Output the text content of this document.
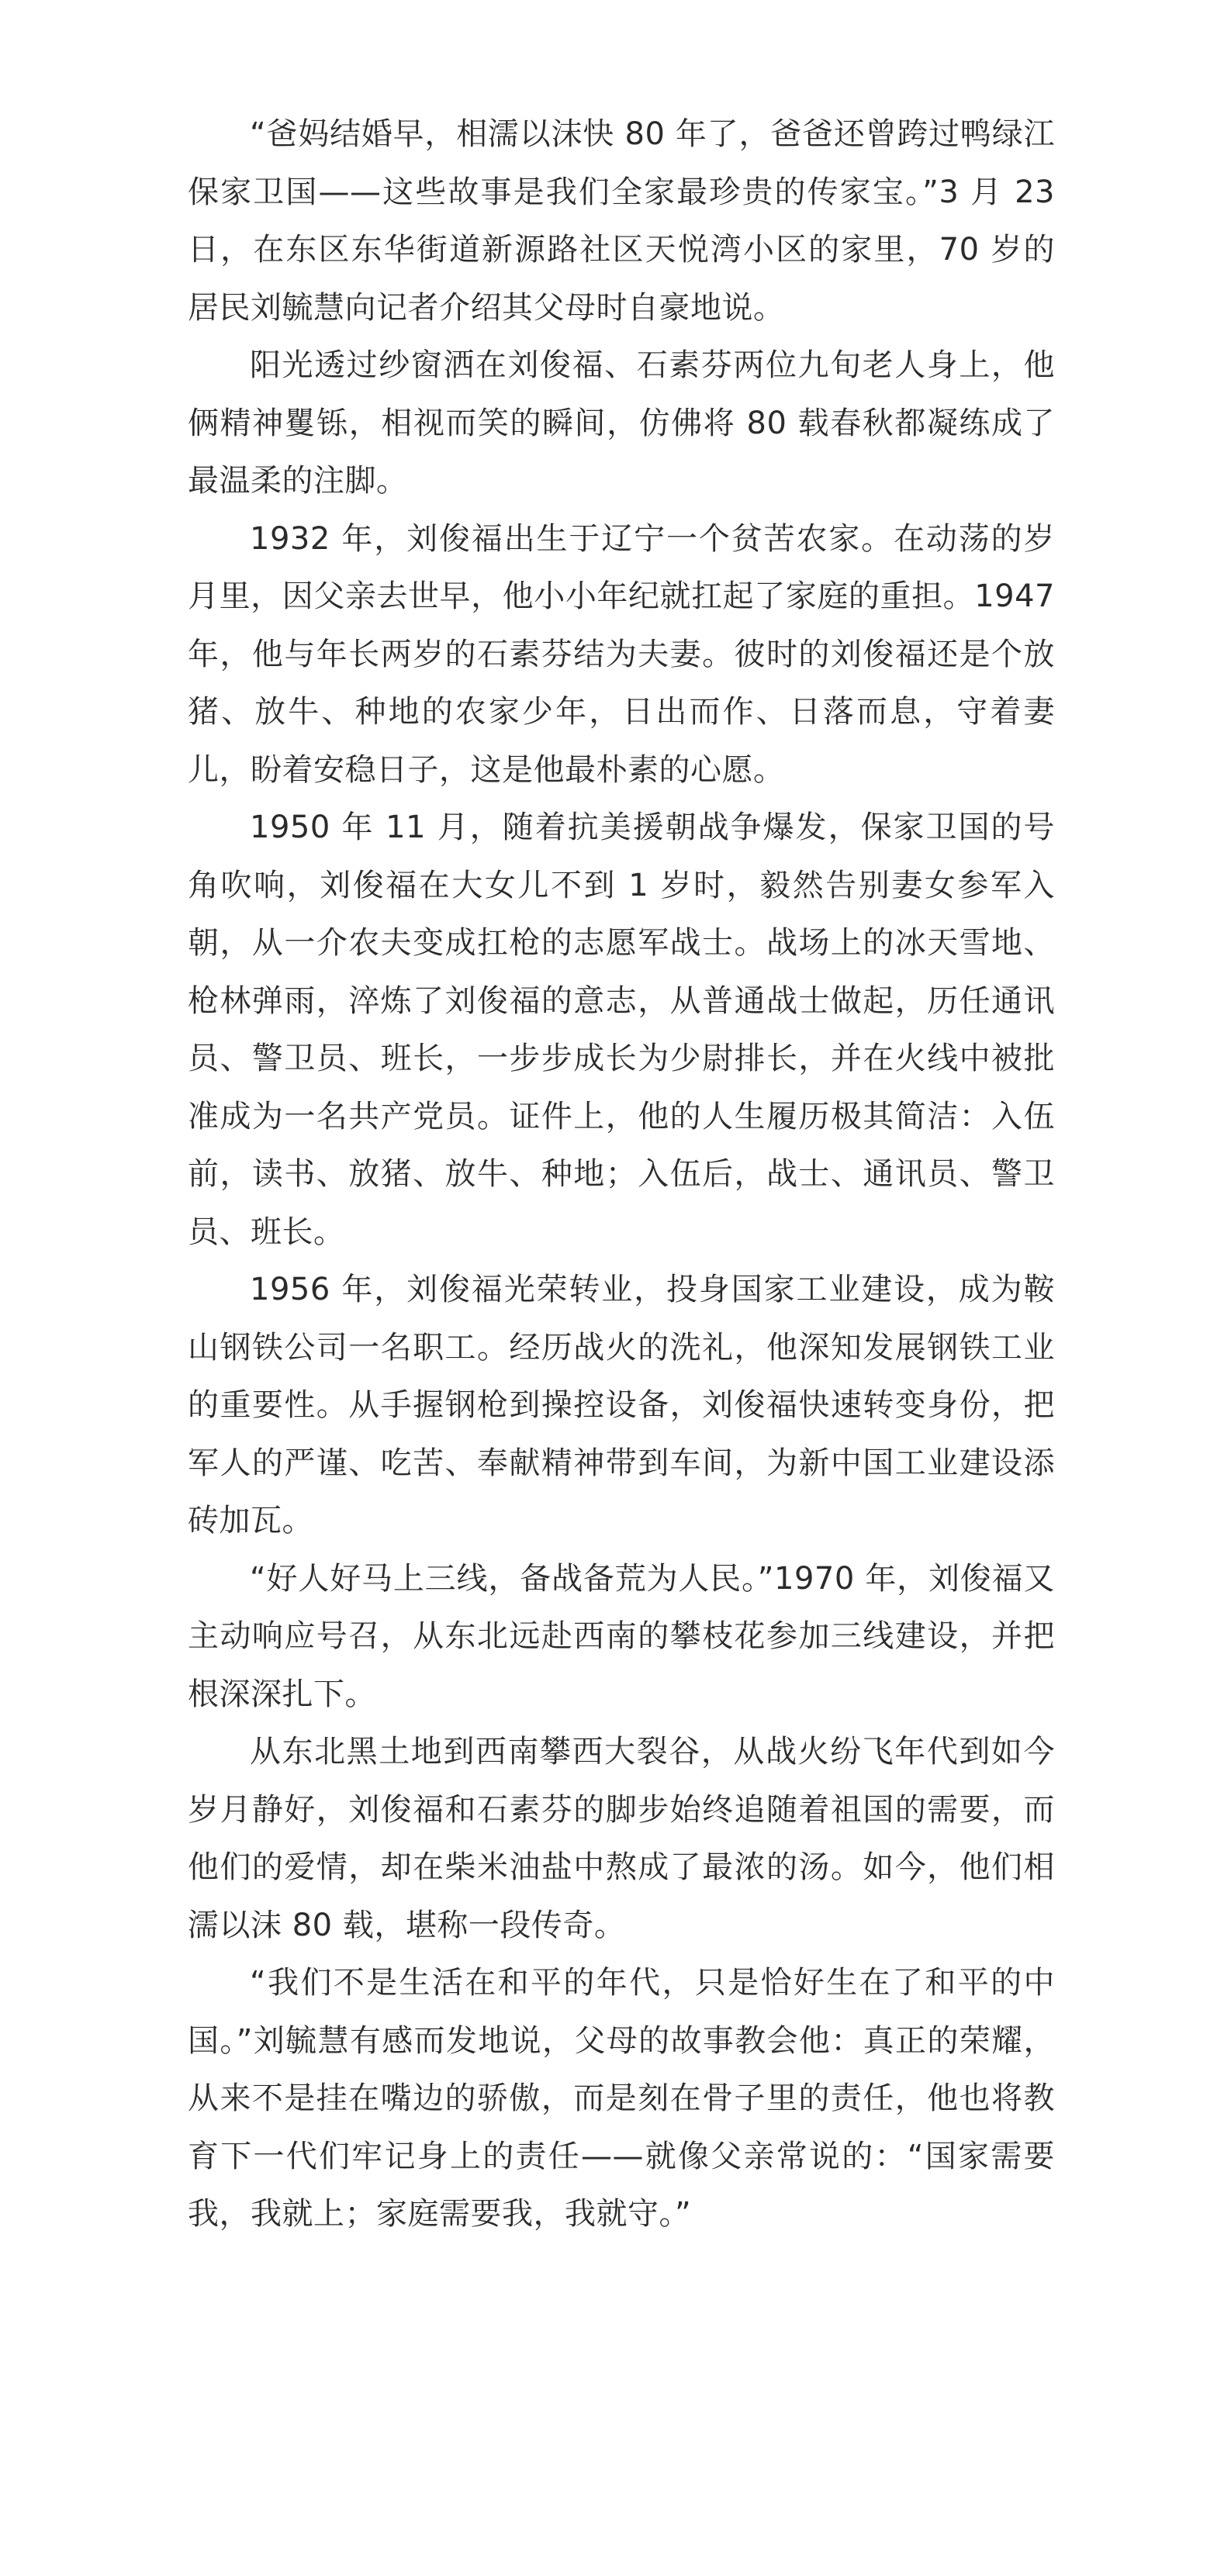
“爸妈结婚早，相濡以沫快 80 年了，爸爸还曾跨过鸭绿江保家卫国——这些故事是我们全家最珍贵的传家宝。”3 月 23 日，在东区东华街道新源路社区天悦湾小区的家里，70 岁的居民刘毓慧向记者介绍其父母时自豪地说。

阳光透过纱窗洒在刘俊福、石素芬两位九旬老人身上，他俩精神矍铄，相视而笑的瞬间，仿佛将 80 载春秋都凝练成了最温柔的注脚。

1932 年，刘俊福出生于辽宁一个贫苦农家。在动荡的岁月里，因父亲去世早，他小小年纪就扛起了家庭的重担。1947 年，他与年长两岁的石素芬结为夫妻。彼时的刘俊福还是个放猪、放牛、种地的农家少年，日出而作、日落而息，守着妻儿，盼着安稳日子，这是他最朴素的心愿。

1950 年 11 月，随着抗美援朝战争爆发，保家卫国的号角吹响，刘俊福在大女儿不到 1 岁时，毅然告别妻女参军入朝，从一介农夫变成扛枪的志愿军战士。战场上的冰天雪地、枪林弹雨，淬炼了刘俊福的意志，从普通战士做起，历任通讯员、警卫员、班长，一步步成长为少尉排长，并在火线中被批准成为一名共产党员。证件上，他的人生履历极其简洁：入伍前，读书、放猪、放牛、种地；入伍后，战士、通讯员、警卫员、班长。

1956 年，刘俊福光荣转业，投身国家工业建设，成为鞍山钢铁公司一名职工。经历战火的洗礼，他深知发展钢铁工业的重要性。从手握钢枪到操控设备，刘俊福快速转变身份，把军人的严谨、吃苦、奉献精神带到车间，为新中国工业建设添砖加瓦。

“好人好马上三线，备战备荒为人民。”1970 年，刘俊福又主动响应号召，从东北远赴西南的攀枝花参加三线建设，并把根深深扎下。

从东北黑土地到西南攀西大裂谷，从战火纷飞年代到如今岁月静好，刘俊福和石素芬的脚步始终追随着祖国的需要，而他们的爱情，却在柴米油盐中熬成了最浓的汤。如今，他们相濡以沫 80 载，堪称一段传奇。

“我们不是生活在和平的年代，只是恰好生在了和平的中国。”刘毓慧有感而发地说，父母的故事教会他：真正的荣耀，从来不是挂在嘴边的骄傲，而是刻在骨子里的责任，他也将教育下一代们牢记身上的责任——就像父亲常说的：“国家需要我，我就上；家庭需要我，我就守。”
